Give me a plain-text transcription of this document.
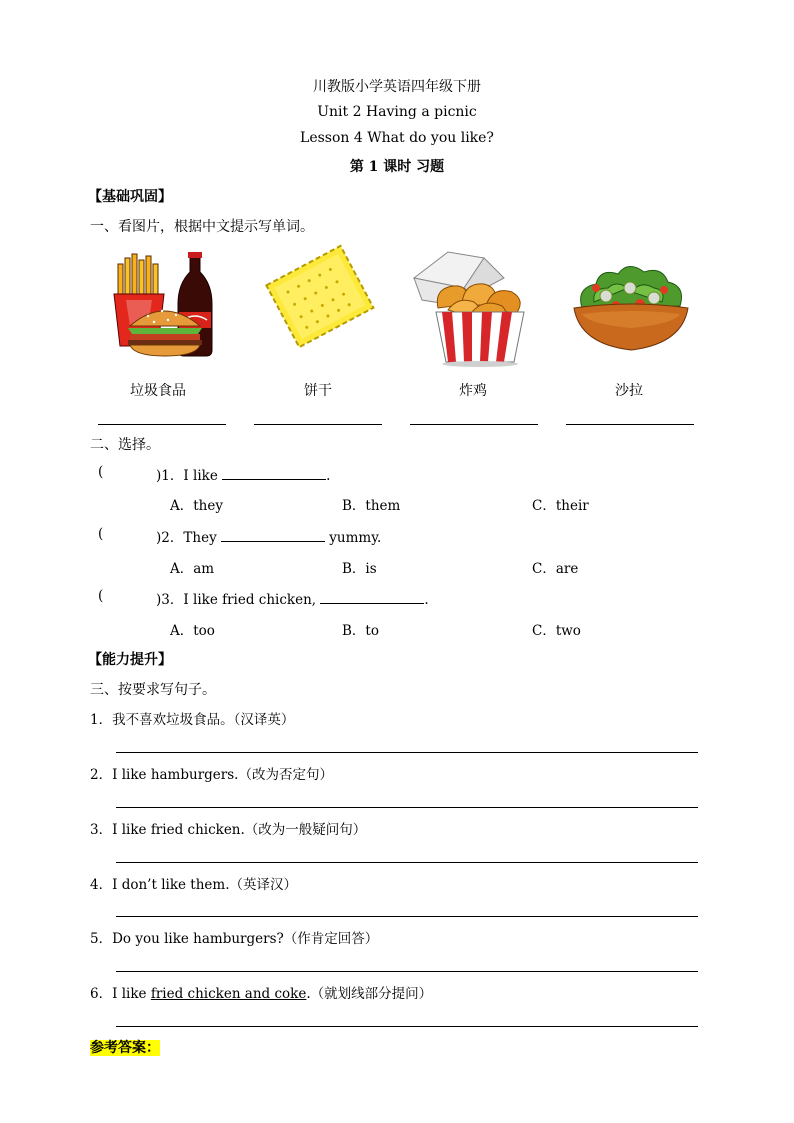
川教版小学英语四年级下册
Unit 2 Having a picnic
Lesson 4 What do you like?
第 1 课时 习题
【基础巩固】
一、看图片，根据中文提示写单词。
垃圾食品	饼干	炸鸡	沙拉
二、选择。
(	)1．I like	.
A．they	B．them	C．their
(	)2．They	yummy.
A．am	B．is	C．are
(	)3．I like fried chicken,	.
A．too	B．to	C．two
【能力提升】
三、按要求写句子。
1．我不喜欢垃圾食品。（汉译英）
2．I like hamburgers.（改为否定句）
3．I like fried chicken.（改为一般疑问句）
4．I don’t like them.（英译汉）
5．Do you like hamburgers?（作肯定回答）
6．I like fried chicken and coke.（就划线部分提问）
参考答案：
